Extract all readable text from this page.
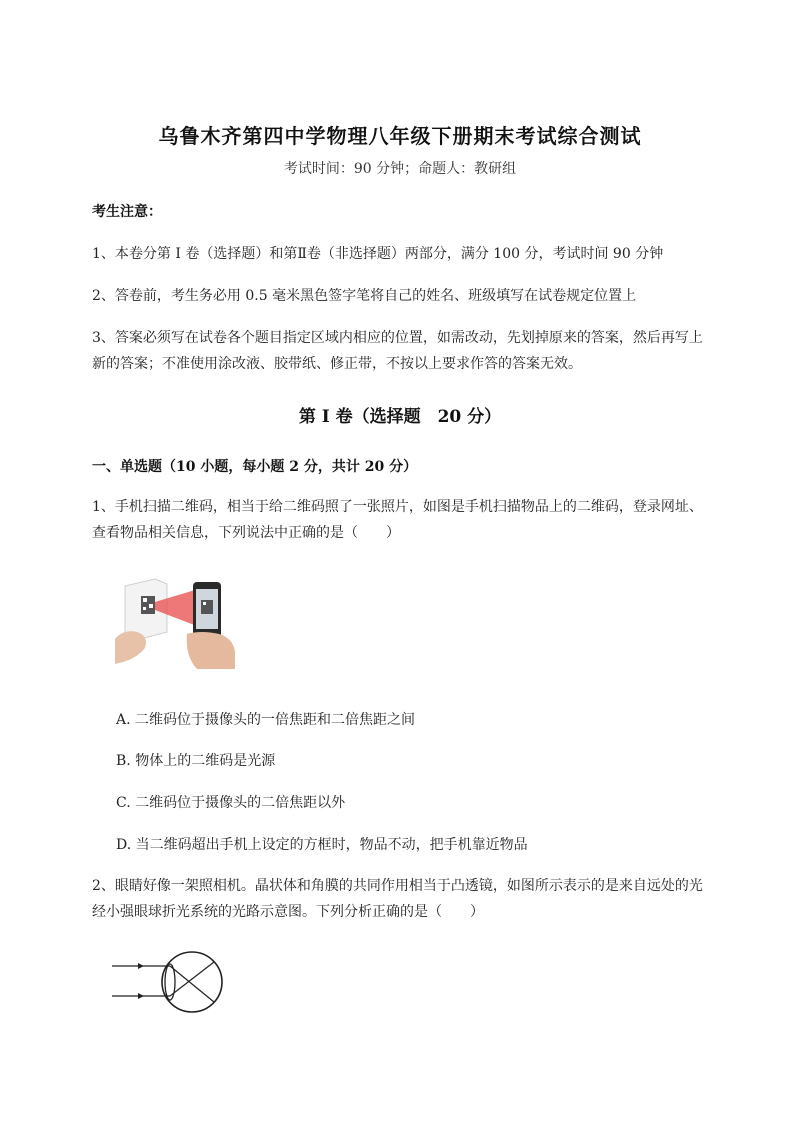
乌鲁木齐第四中学物理八年级下册期末考试综合测试
考试时间：90 分钟；命题人：教研组
考生注意：
1、本卷分第 I 卷（选择题）和第Ⅱ卷（非选择题）两部分，满分 100 分，考试时间 90 分钟
2、答卷前，考生务必用 0.5 毫米黑色签字笔将自己的姓名、班级填写在试卷规定位置上
3、答案必须写在试卷各个题目指定区域内相应的位置，如需改动，先划掉原来的答案，然后再写上新的答案；不准使用涂改液、胶带纸、修正带，不按以上要求作答的答案无效。
第 I 卷（选择题　20 分）
一、单选题（10 小题，每小题 2 分，共计 20 分）
1、手机扫描二维码，相当于给二维码照了一张照片，如图是手机扫描物品上的二维码，登录网址、查看物品相关信息，下列说法中正确的是（　　）
A. 二维码位于摄像头的一倍焦距和二倍焦距之间
B. 物体上的二维码是光源
C. 二维码位于摄像头的二倍焦距以外
D. 当二维码超出手机上设定的方框时，物品不动，把手机靠近物品
2、眼睛好像一架照相机。晶状体和角膜的共同作用相当于凸透镜，如图所示表示的是来自远处的光经小强眼球折光系统的光路示意图。下列分析正确的是（　　）
